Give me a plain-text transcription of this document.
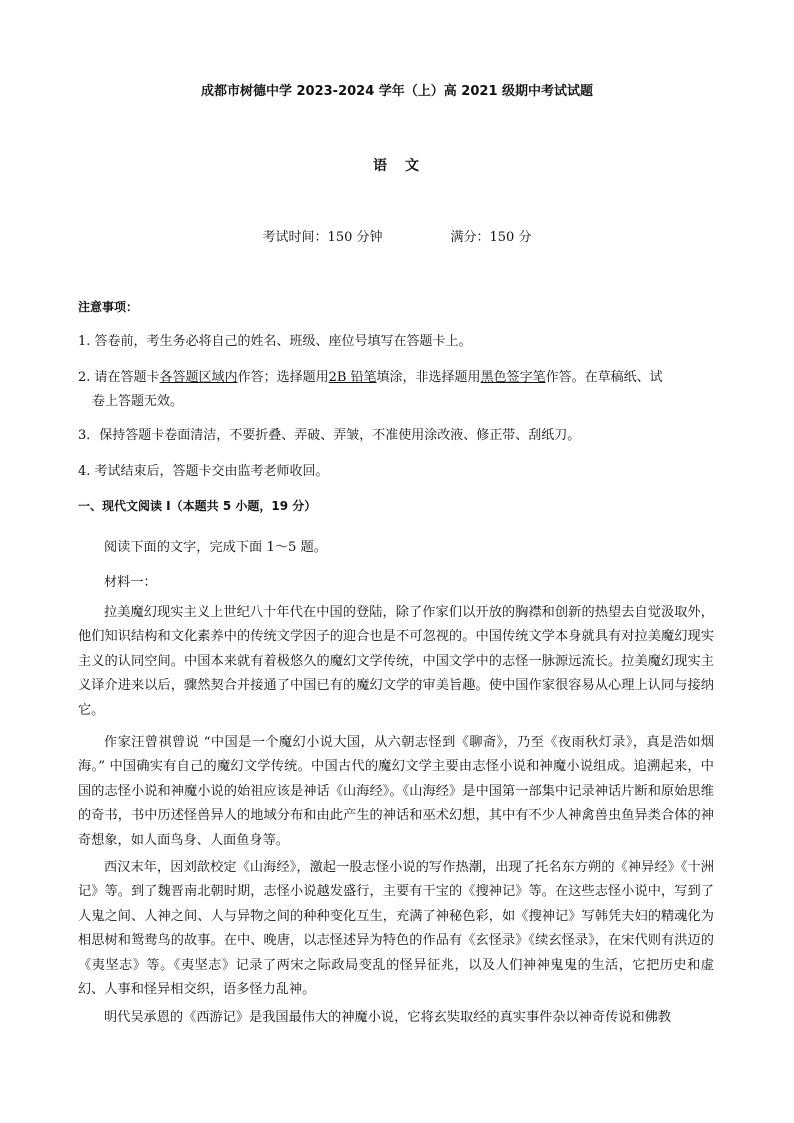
成都市树德中学 2023-2024 学年（上）高 2021 级期中考试试题
语 文
考试时间：150 分钟	满分：150 分
注意事项：
1. 答卷前，考生务必将自己的姓名、班级、座位号填写在答题卡上。
2. 请在答题卡各答题区域内作答；选择题用2B 铅笔填涂，非选择题用黑色签字笔作答。在草稿纸、试
卷上答题无效。
3．保持答题卡卷面清洁，不要折叠、弄破、弄皱，不准使用涂改液、修正带、刮纸刀。
4. 考试结束后，答题卡交由监考老师收回。
一、现代文阅读 I（本题共 5 小题，19 分）
阅读下面的文字，完成下面 1～5 题。
材料一：
拉美魔幻现实主义上世纪八十年代在中国的登陆，除了作家们以开放的胸襟和创新的热望去自觉汲取外，他们知识结构和文化素养中的传统文学因子的迎合也是不可忽视的。中国传统文学本身就具有对拉美魔幻现实主义的认同空间。中国本来就有着极悠久的魔幻文学传统，中国文学中的志怪一脉源远流长。拉美魔幻现实主义译介进来以后，骤然契合并接通了中国已有的魔幻文学的审美旨趣。使中国作家很容易从心理上认同与接纳它。
作家汪曾祺曾说 “中国是一个魔幻小说大国，从六朝志怪到《聊斋》，乃至《夜雨秋灯录》，真是浩如烟海。” 中国确实有自己的魔幻文学传统。中国古代的魔幻文学主要由志怪小说和神魔小说组成。追溯起来，中国的志怪小说和神魔小说的始祖应该是神话《山海经》。《山海经》是中国第一部集中记录神话片断和原始思维的奇书，书中历述怪兽异人的地域分布和由此产生的神话和巫术幻想，其中有不少人神禽兽虫鱼异类合体的神奇想象，如人面鸟身、人面鱼身等。
西汉末年，因刘歆校定《山海经》，激起一股志怪小说的写作热潮，出现了托名东方朔的《神异经》《十洲记》等。到了魏晋南北朝时期，志怪小说越发盛行，主要有干宝的《搜神记》等。在这些志怪小说中，写到了人鬼之间、人神之间、人与异物之间的种种变化互生，充满了神秘色彩，如《搜神记》写韩凭夫妇的精魂化为相思树和鸳鸯鸟的故事。在中、晚唐，以志怪述异为特色的作品有《玄怪录》《续玄怪录》，在宋代则有洪迈的《夷坚志》等。《夷坚志》记录了两宋之际政局变乱的怪异征兆，以及人们神神鬼鬼的生活，它把历史和虚幻、人事和怪异相交织，语多怪力乱神。
明代吴承恩的《西游记》是我国最伟大的神魔小说，它将玄奘取经的真实事件杂以神奇传说和佛教
